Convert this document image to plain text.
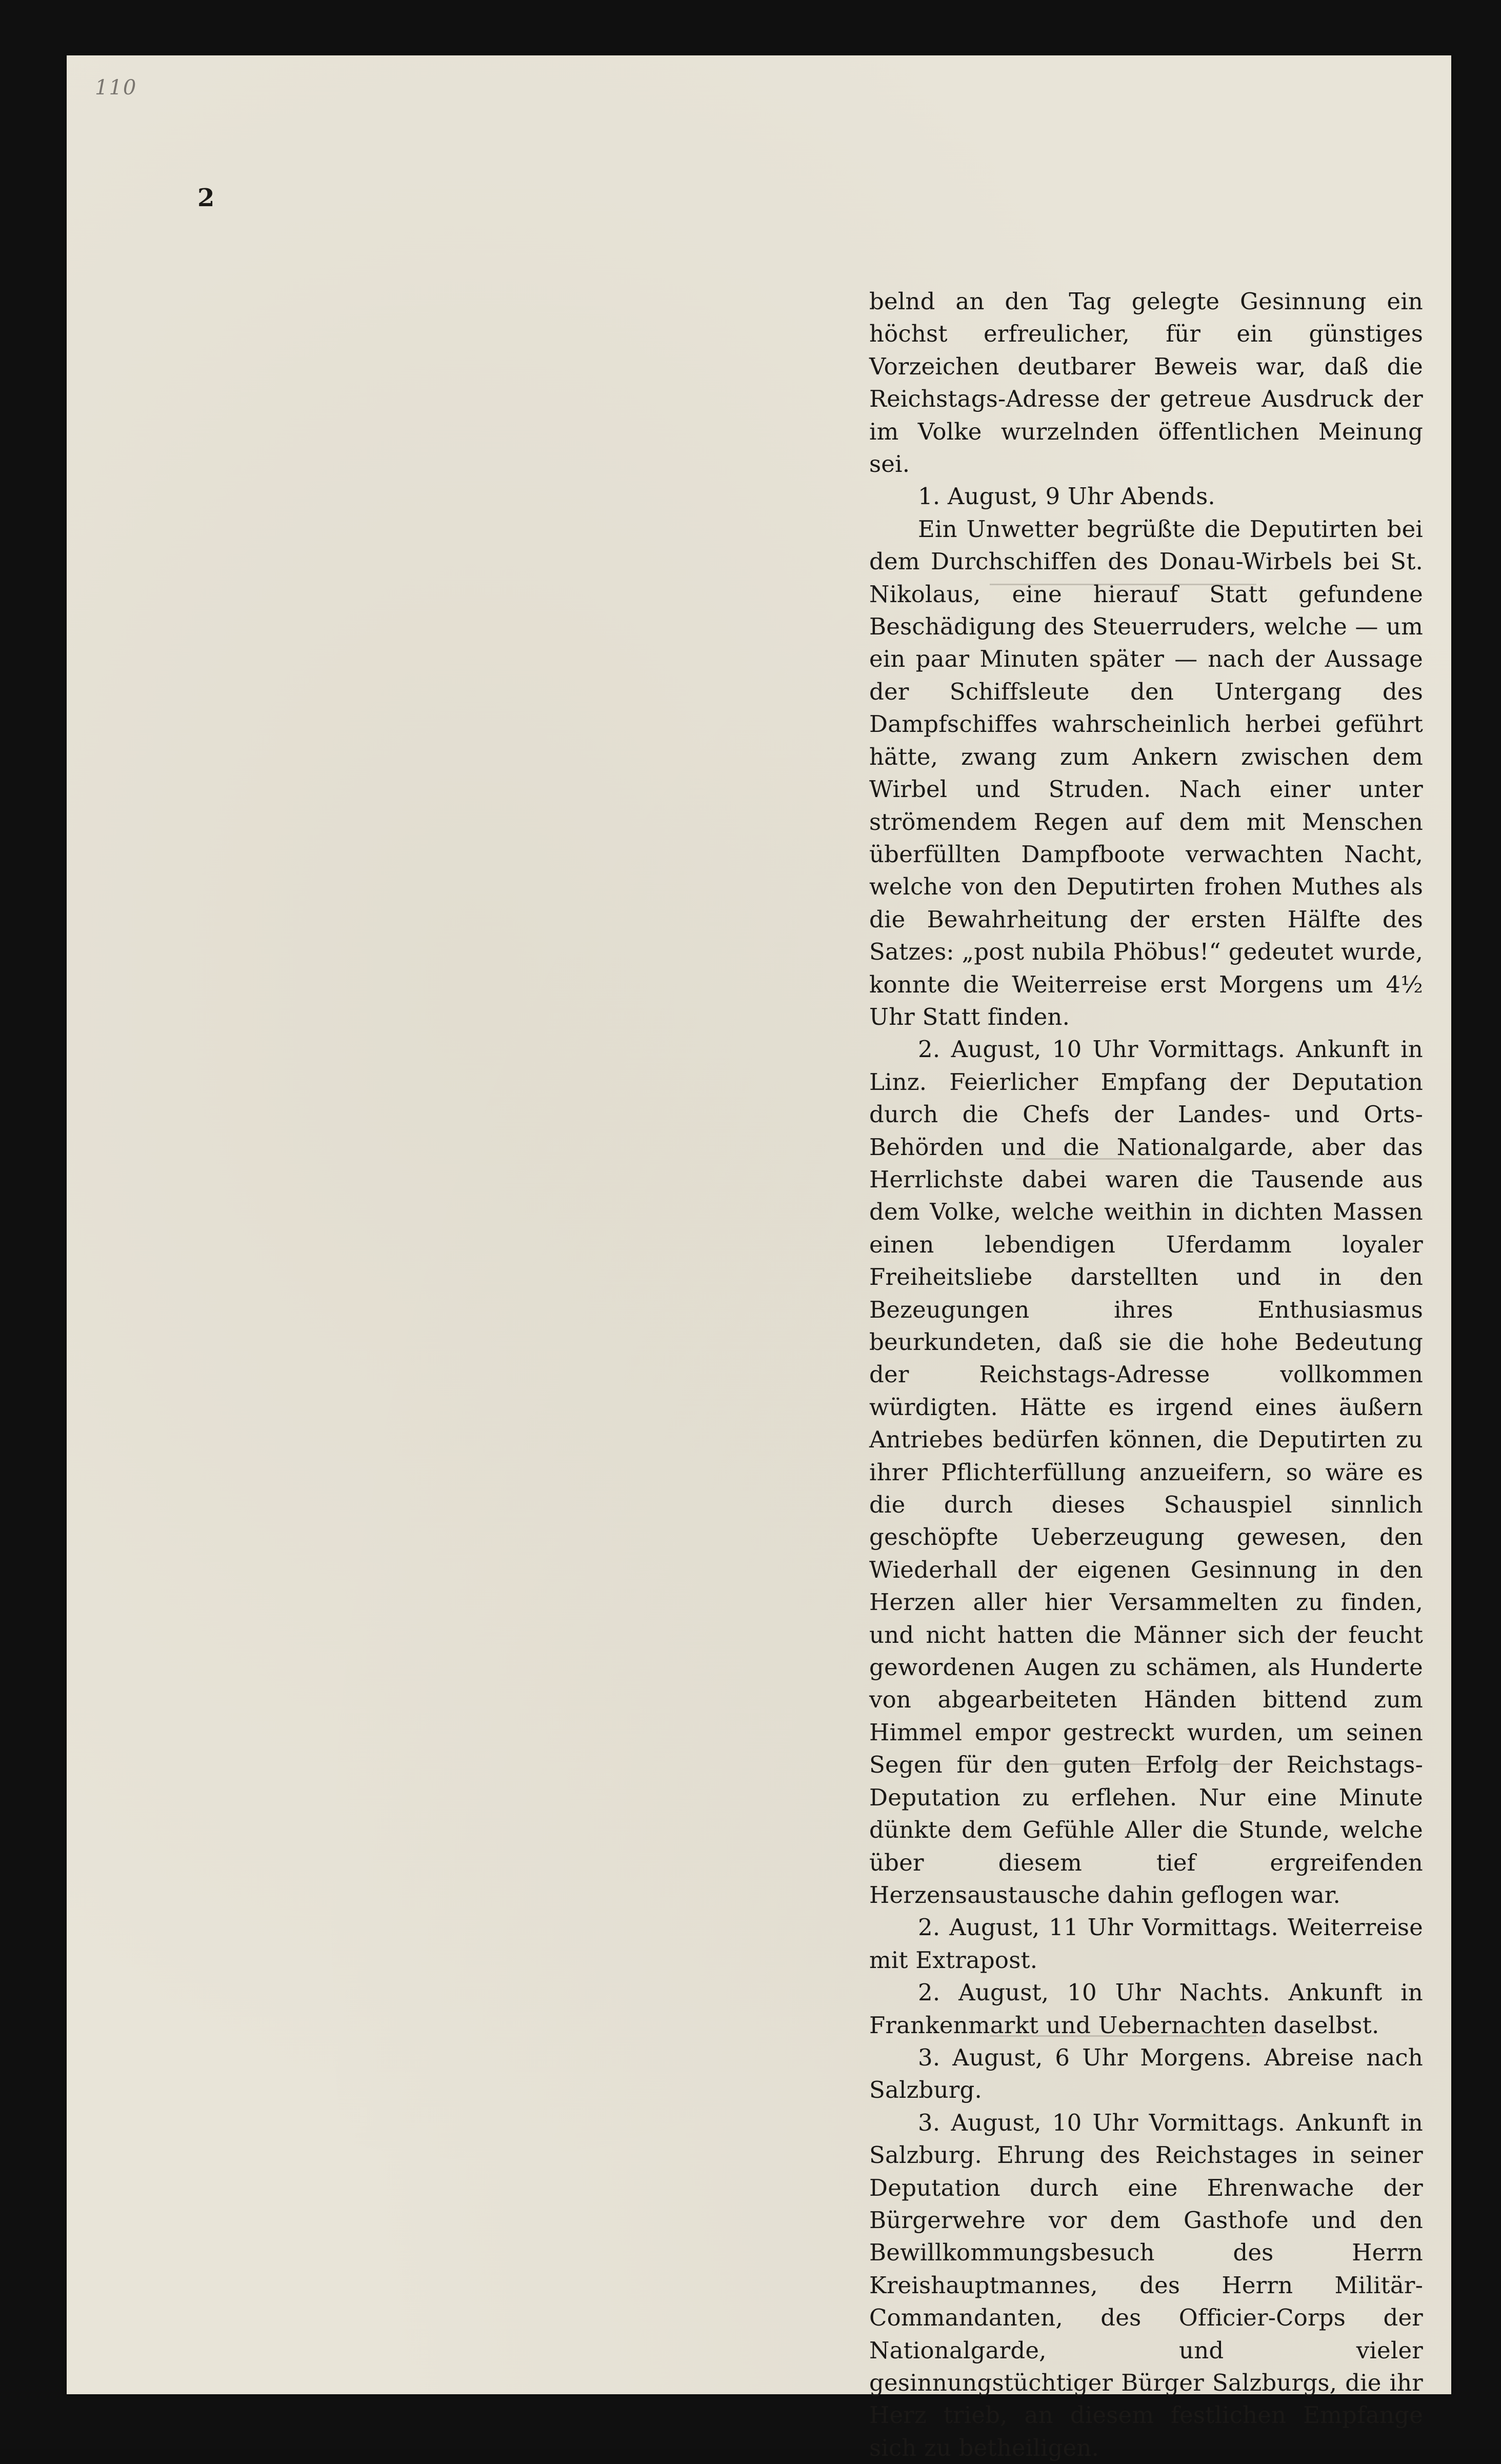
110
2

belnd an den Tag gelegte Gesinnung ein höchst erfreulicher, für ein günstiges Vorzeichen deutbarer Beweis war, daß die Reichstags-Adresse der getreue Ausdruck der im Volke wurzelnden öffentlichen Meinung sei.

1. August, 9 Uhr Abends.

Ein Unwetter begrüßte die Deputirten bei dem Durchschiffen des Donau-Wirbels bei St. Nikolaus, eine hierauf Statt gefundene Beschädigung des Steuerruders, welche — um ein paar Minuten später — nach der Aussage der Schiffsleute den Untergang des Dampfschiffes wahrscheinlich herbei geführt hätte, zwang zum Ankern zwischen dem Wirbel und Struden. Nach einer unter strömendem Regen auf dem mit Menschen überfüllten Dampfboote verwachten Nacht, welche von den Deputirten frohen Muthes als die Bewahrheitung der ersten Hälfte des Satzes: „post nubila Phöbus!“ gedeutet wurde, konnte die Weiterreise erst Morgens um 4½ Uhr Statt finden.

2. August, 10 Uhr Vormittags. Ankunft in Linz. Feierlicher Empfang der Deputation durch die Chefs der Landes- und Orts-Behörden und die Nationalgarde, aber das Herrlichste dabei waren die Tausende aus dem Volke, welche weithin in dichten Massen einen lebendigen Uferdamm loyaler Freiheitsliebe darstellten und in den Bezeugungen ihres Enthusiasmus beurkundeten, daß sie die hohe Bedeutung der Reichstags-Adresse vollkommen würdigten. Hätte es irgend eines äußern Antriebes bedürfen können, die Deputirten zu ihrer Pflichterfüllung anzueifern, so wäre es die durch dieses Schauspiel sinnlich geschöpfte Ueberzeugung gewesen, den Wiederhall der eigenen Gesinnung in den Herzen aller hier Versammelten zu finden, und nicht hatten die Männer sich der feucht gewordenen Augen zu schämen, als Hunderte von abgearbeiteten Händen bittend zum Himmel empor gestreckt wurden, um seinen Segen für den guten Erfolg der Reichstags-Deputation zu erflehen. Nur eine Minute dünkte dem Gefühle Aller die Stunde, welche über diesem tief ergreifenden Herzensaustausche dahin geflogen war.

2. August, 11 Uhr Vormittags. Weiterreise mit Extrapost.

2. August, 10 Uhr Nachts. Ankunft in Frankenmarkt und Uebernachten daselbst.

3. August, 6 Uhr Morgens. Abreise nach Salzburg.

3. August, 10 Uhr Vormittags. Ankunft in Salzburg. Ehrung des Reichstages in seiner Deputation durch eine Ehrenwache der Bürgerwehre vor dem Gasthofe und den Bewillkommungsbesuch des Herrn Kreishauptmannes, des Herrn Militär-Commandanten, des Officier-Corps der Nationalgarde, und vieler gesinnungstüchtiger Bürger Salzburgs, die ihr Herz trieb, an diesem festlichen Empfange sich zu betheiligen.
